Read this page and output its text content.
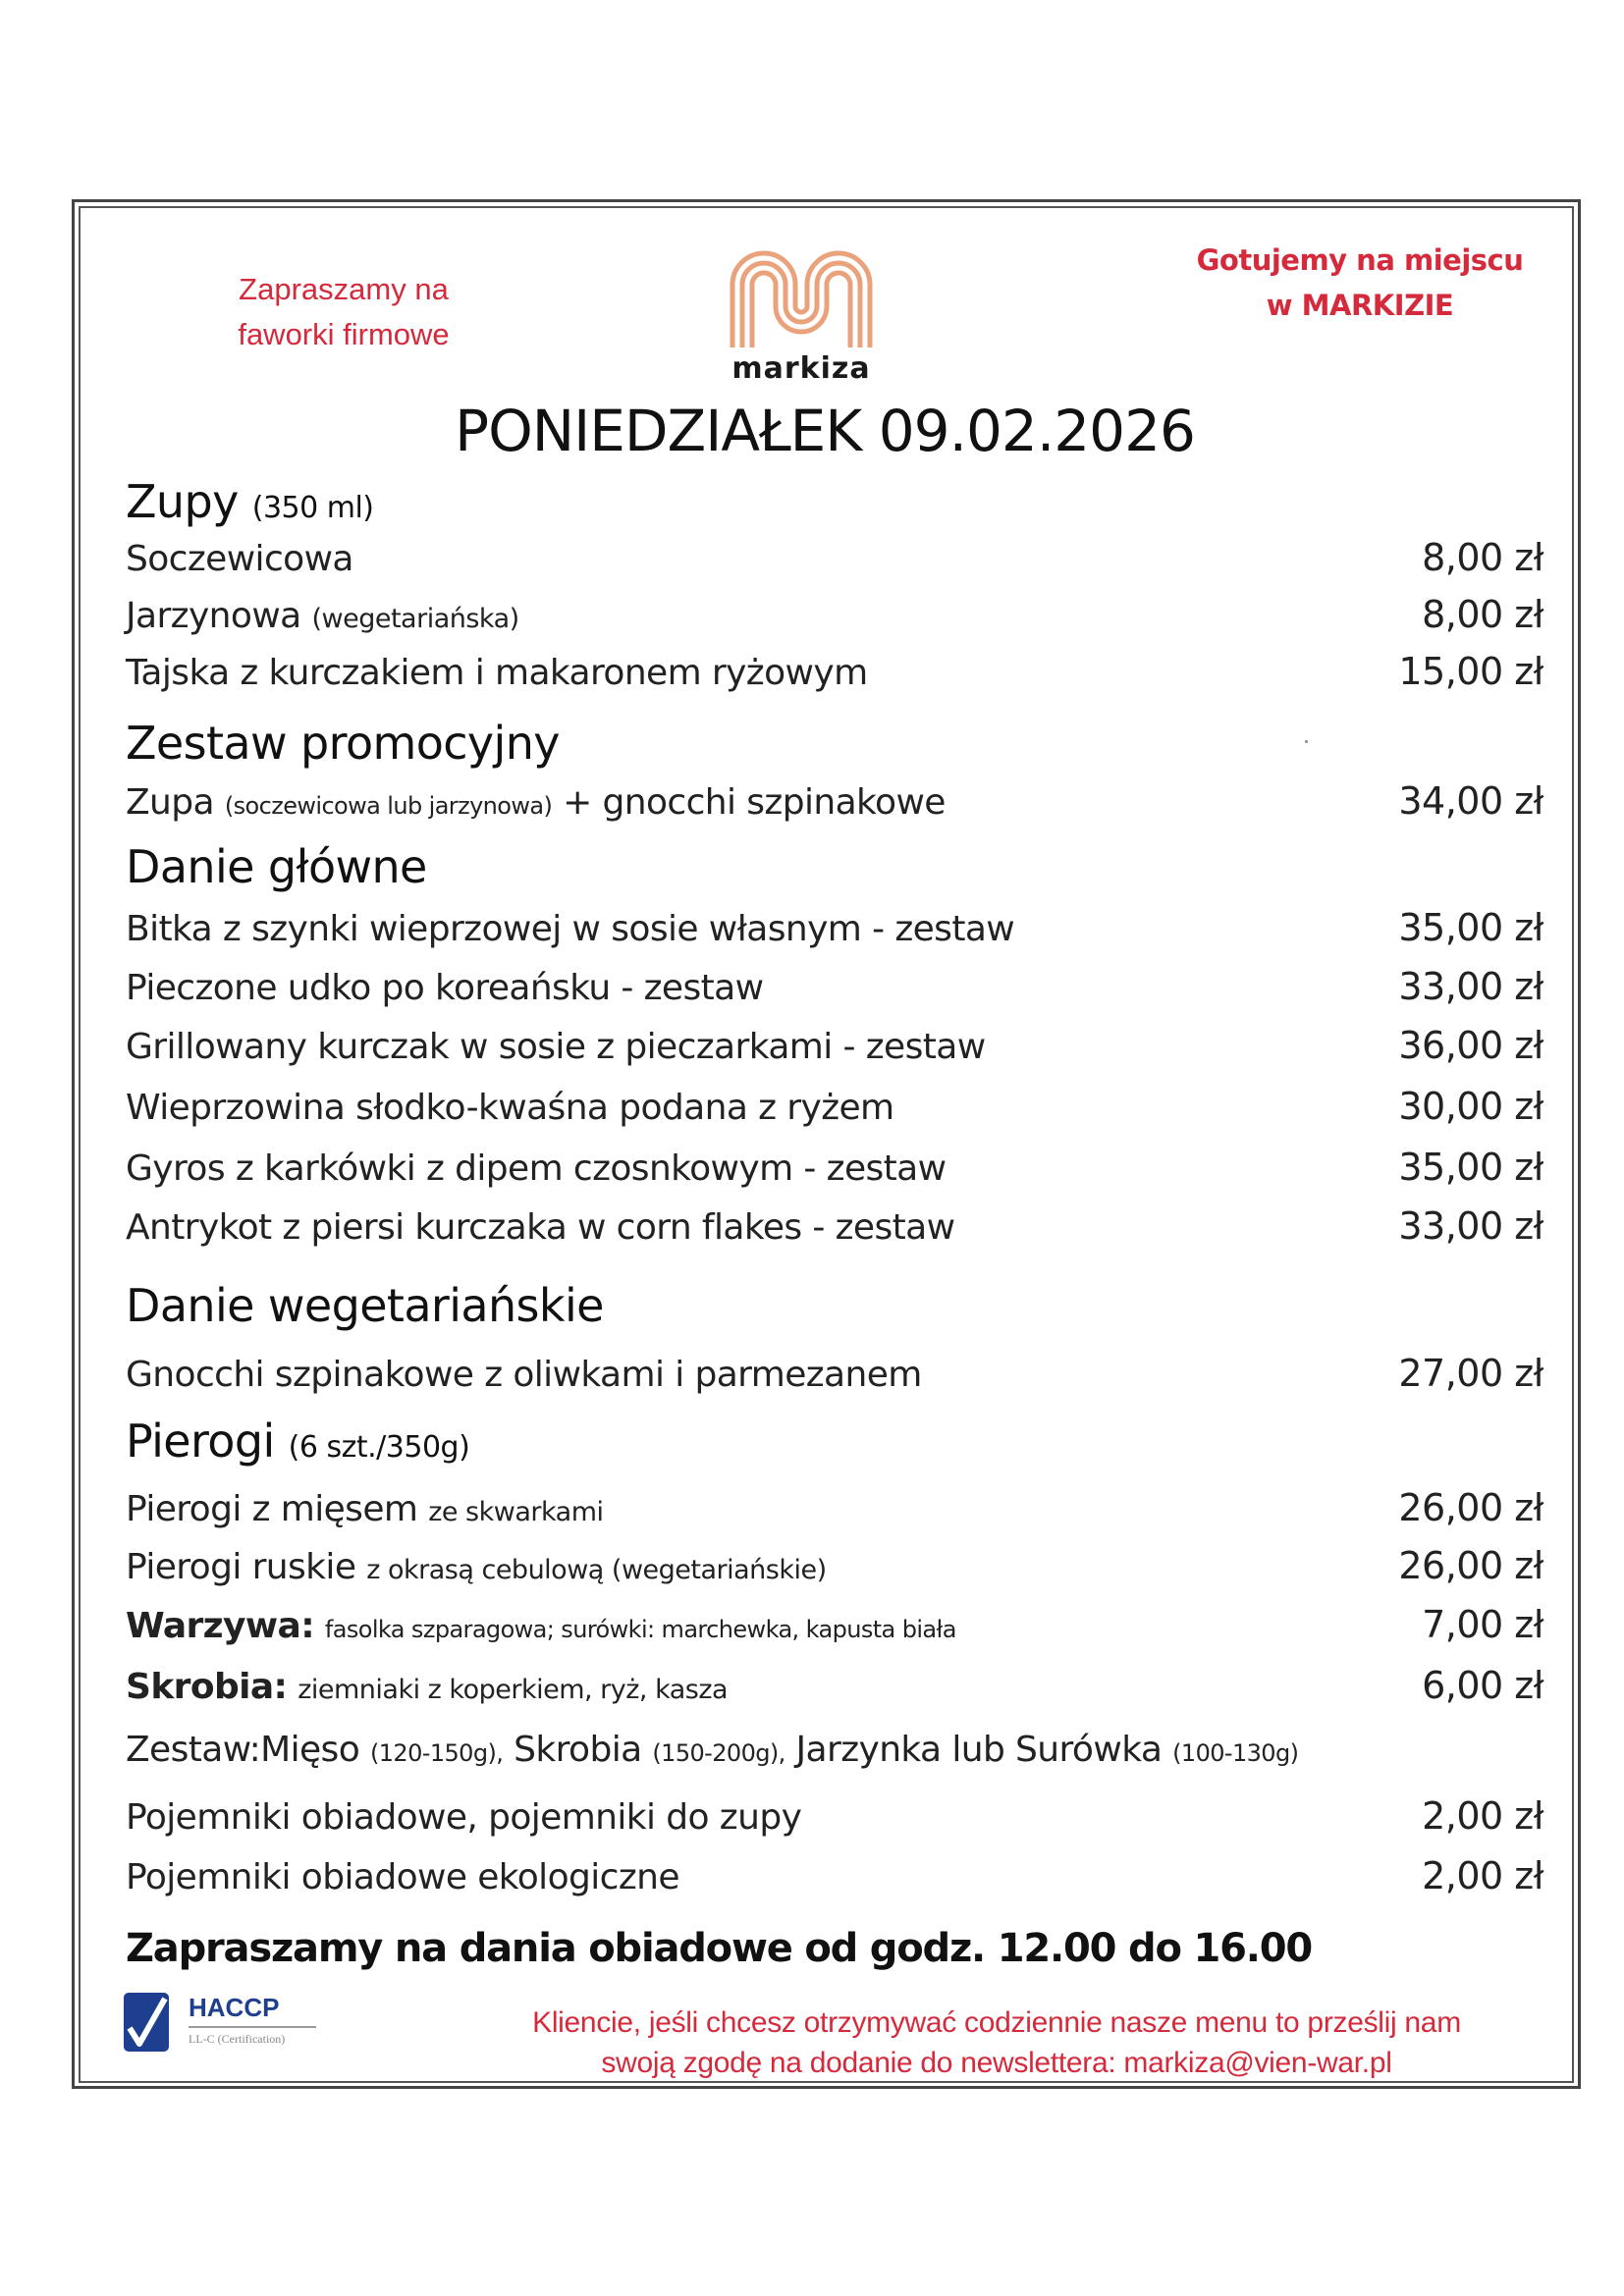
Zapraszamy na
faworki firmowe
Gotujemy na miejscu
w MARKIZIE
markiza
PONIEDZIAŁEK 09.02.2026
Zupy (350 ml)
Soczewicowa	8,00 zł
Jarzynowa (wegetariańska)	8,00 zł
Tajska z kurczakiem i makaronem ryżowym	15,00 zł
Zestaw promocyjny
Zupa (soczewicowa lub jarzynowa) + gnocchi szpinakowe	34,00 zł
Danie główne
Bitka z szynki wieprzowej w sosie własnym - zestaw	35,00 zł
Pieczone udko po koreańsku - zestaw	33,00 zł
Grillowany kurczak w sosie z pieczarkami - zestaw	36,00 zł
Wieprzowina słodko-kwaśna podana z ryżem	30,00 zł
Gyros z karkówki z dipem czosnkowym - zestaw	35,00 zł
Antrykot z piersi kurczaka w corn flakes - zestaw	33,00 zł
Danie wegetariańskie
Gnocchi szpinakowe z oliwkami i parmezanem	27,00 zł
Pierogi (6 szt./350g)
Pierogi z mięsem ze skwarkami	26,00 zł
Pierogi ruskie z okrasą cebulową (wegetariańskie)	26,00 zł
Warzywa: fasolka szparagowa; surówki: marchewka, kapusta biała	7,00 zł
Skrobia: ziemniaki z koperkiem, ryż, kasza	6,00 zł
Zestaw:Mięso (120-150g), Skrobia (150-200g), Jarzynka lub Surówka (100-130g)
Pojemniki obiadowe, pojemniki do zupy	2,00 zł
Pojemniki obiadowe ekologiczne	2,00 zł
Zapraszamy na dania obiadowe od godz. 12.00 do 16.00
HACCP
LL-C (Certification)	Kliencie, jeśli chcesz otrzymywać codziennie nasze menu to prześlij nam
swoją zgodę na dodanie do newslettera: markiza@vien-war.pl
